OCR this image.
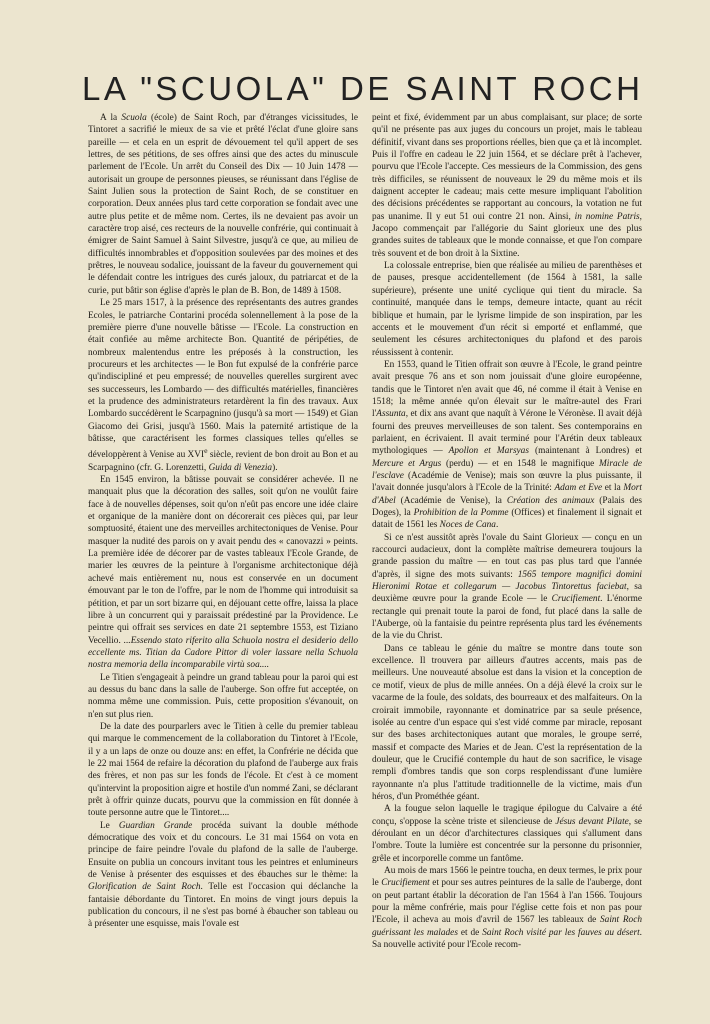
LA "SCUOLA" DE SAINT ROCH

A la Scuola (école) de Saint Roch, par d'étranges vicissitudes, le Tintoret a sacrifié le mieux de sa vie et prêté l'éclat d'une gloire sans pareille — et cela en un esprit de dévouement tel qu'il appert de ses lettres, de ses pétitions, de ses offres ainsi que des actes du minuscule parlement de l'Ecole. Un arrêt du Conseil des Dix — 10 Juin 1478 — autorisait un groupe de personnes pieuses, se réunissant dans l'église de Saint Julien sous la protection de Saint Roch, de se constituer en corporation. Deux années plus tard cette corporation se fondait avec une autre plus petite et de même nom. Certes, ils ne devaient pas avoir un caractère trop aisé, ces recteurs de la nouvelle confrérie, qui continuait à émigrer de Saint Samuel à Saint Silvestre, jusqu'à ce que, au milieu de difficultés innombrables et d'opposition soulevées par des moines et des prêtres, le nouveau sodalice, jouissant de la faveur du gouvernement qui le défendait contre les intrigues des curés jaloux, du patriarcat et de la curie, put bâtir son église d'après le plan de B. Bon, de 1489 à 1508.

Le 25 mars 1517, à la présence des représentants des autres grandes Ecoles, le patriarche Contarini procéda solennellement à la pose de la première pierre d'une nouvelle bâtisse — l'Ecole. La construction en était confiée au même architecte Bon. Quantité de péripéties, de nombreux malentendus entre les préposés à la construction, les procureurs et les architectes — le Bon fut expulsé de la confrérie parce qu'indiscipliné et peu empressé; de nouvelles querelles surgirent avec ses successeurs, les Lombardo — des difficultés matérielles, financières et la prudence des administrateurs retardèrent la fin des travaux. Aux Lombardo succédèrent le Scarpagnino (jusqu'à sa mort — 1549) et Gian Giacomo dei Grisi, jusqu'à 1560. Mais la paternité artistique de la bâtisse, que caractérisent les formes classiques telles qu'elles se développèrent à Venise au XVIe siècle, revient de bon droit au Bon et au Scarpagnino (cfr. G. Lorenzetti, Guida di Venezia).

En 1545 environ, la bâtisse pouvait se considérer achevée. Il ne manquait plus que la décoration des salles, soit qu'on ne voulût faire face à de nouvelles dépenses, soit qu'on n'eût pas encore une idée claire et organique de la manière dont on décorerait ces pièces qui, par leur somptuosité, étaient une des merveilles architectoniques de Venise. Pour masquer la nudité des parois on y avait pendu des « canovazzi » peints. La première idée de décorer par de vastes tableaux l'Ecole Grande, de marier les œuvres de la peinture à l'organisme architectonique déjà achevé mais entièrement nu, nous est conservée en un document émouvant par le ton de l'offre, par le nom de l'homme qui introduisit sa pétition, et par un sort bizarre qui, en déjouant cette offre, laissa la place libre à un concurrent qui y paraissait prédestiné par la Providence. Le peintre qui offrait ses services en date 21 septembre 1553, est Tiziano Vecellio. ...Essendo stato riferito alla Schuola nostra el desiderio dello eccellente ms. Titian da Cadore Pittor di voler lassare nella Schuola nostra memoria della incomparabile virtù soa....

Le Titien s'engageait à peindre un grand tableau pour la paroi qui est au dessus du banc dans la salle de l'auberge. Son offre fut acceptée, on nomma même une commission. Puis, cette proposition s'évanouit, on n'en sut plus rien.

De la date des pourparlers avec le Titien à celle du premier tableau qui marque le commencement de la collaboration du Tintoret à l'Ecole, il y a un laps de onze ou douze ans: en effet, la Confrérie ne décida que le 22 mai 1564 de refaire la décoration du plafond de l'auberge aux frais des frères, et non pas sur les fonds de l'école. Et c'est à ce moment qu'intervint la proposition aigre et hostile d'un nommé Zani, se déclarant prêt à offrir quinze ducats, pourvu que la commission en fût donnée à toute personne autre que le Tintoret....

Le Guardian Grande procéda suivant la double méthode démocratique des voix et du concours. Le 31 mai 1564 on vota en principe de faire peindre l'ovale du plafond de la salle de l'auberge. Ensuite on publia un concours invitant tous les peintres et enlumineurs de Venise à présenter des esquisses et des ébauches sur le thème: la Glorification de Saint Roch. Telle est l'occasion qui déclanche la fantaisie débordante du Tintoret. En moins de vingt jours depuis la publication du concours, il ne s'est pas borné à ébaucher son tableau ou à présenter une esquisse, mais l'ovale est

peint et fixé, évidemment par un abus complaisant, sur place; de sorte qu'il ne présente pas aux juges du concours un projet, mais le tableau définitif, vivant dans ses proportions réelles, bien que ça et là incomplet. Puis il l'offre en cadeau le 22 juin 1564, et se déclare prêt à l'achever, pourvu que l'Ecole l'accepte. Ces messieurs de la Commission, des gens très difficiles, se réunissent de nouveaux le 29 du même mois et ils daignent accepter le cadeau; mais cette mesure impliquant l'abolition des décisions précédentes se rapportant au concours, la votation ne fut pas unanime. Il y eut 51 oui contre 21 non. Ainsi, in nomine Patris, Jacopo commençait par l'allégorie du Saint glorieux une des plus grandes suites de tableaux que le monde connaisse, et que l'on compare très souvent et de bon droit à la Sixtine.

La colossale entreprise, bien que réalisée au milieu de parenthèses et de pauses, presque accidentellement (de 1564 à 1581, la salle supérieure), présente une unité cyclique qui tient du miracle. Sa continuité, manquée dans le temps, demeure intacte, quant au récit biblique et humain, par le lyrisme limpide de son inspiration, par les accents et le mouvement d'un récit si emporté et enflammé, que seulement les césures architectoniques du plafond et des parois réussissent à contenir.

En 1553, quand le Titien offrait son œuvre à l'Ecole, le grand peintre avait presque 76 ans et son nom jouissait d'une gloire européenne, tandis que le Tintoret n'en avait que 46, né comme il était à Venise en 1518; la même année qu'on élevait sur le maître-autel des Frari l'Assunta, et dix ans avant que naquît à Vérone le Véronèse. Il avait déjà fourni des preuves merveilleuses de son talent. Ses contemporains en parlaient, en écrivaient. Il avait terminé pour l'Arétin deux tableaux mythologiques — Apollon et Marsyas (maintenant à Londres) et Mercure et Argus (perdu) — et en 1548 le magnifique Miracle de l'esclave (Académie de Venise); mais son œuvre la plus puissante, il l'avait donnée jusqu'alors à l'Ecole de la Trinité: Adam et Eve et la Mort d'Abel (Académie de Venise), la Création des animaux (Palais des Doges), la Prohibition de la Pomme (Offices) et finalement il signait et datait de 1561 les Noces de Cana.

Si ce n'est aussitôt après l'ovale du Saint Glorieux — conçu en un raccourci audacieux, dont la complète maîtrise demeurera toujours la grande passion du maître — en tout cas pas plus tard que l'année d'après, il signe des mots suivants: 1565 tempore magnifici domini Hieronimi Rotae et collegarum — Jacobus Tintorettus faciebat, sa deuxième œuvre pour la grande Ecole — le Crucifiement. L'énorme rectangle qui prenait toute la paroi de fond, fut placé dans la salle de l'Auberge, où la fantaisie du peintre représenta plus tard les événements de la vie du Christ.

Dans ce tableau le génie du maître se montre dans toute son excellence. Il trouvera par ailleurs d'autres accents, mais pas de meilleurs. Une nouveauté absolue est dans la vision et la conception de ce motif, vieux de plus de mille années. On a déjà élevé la croix sur le vacarme de la foule, des soldats, des bourreaux et des malfaiteurs. On la croirait immobile, rayonnante et dominatrice par sa seule présence, isolée au centre d'un espace qui s'est vidé comme par miracle, reposant sur des bases architectoniques autant que morales, le groupe serré, massif et compacte des Maries et de Jean. C'est la représentation de la douleur, que le Crucifié contemple du haut de son sacrifice, le visage rempli d'ombres tandis que son corps resplendissant d'une lumière rayonnante n'a plus l'attitude traditionnelle de la victime, mais d'un héros, d'un Prométhée géant.

A la fougue selon laquelle le tragique épilogue du Calvaire a été conçu, s'oppose la scène triste et silencieuse de Jésus devant Pilate, se déroulant en un décor d'architectures classiques qui s'allument dans l'ombre. Toute la lumière est concentrée sur la personne du prisonnier, grêle et incorporelle comme un fantôme.

Au mois de mars 1566 le peintre toucha, en deux termes, le prix pour le Crucifiement et pour ses autres peintures de la salle de l'auberge, dont on peut partant établir la décoration de l'an 1564 à l'an 1566. Toujours pour la même confrérie, mais pour l'église cette fois et non pas pour l'Ecole, il acheva au mois d'avril de 1567 les tableaux de Saint Roch guérissant les malades et de Saint Roch visité par les fauves au désert. Sa nouvelle activité pour l'Ecole recom-
